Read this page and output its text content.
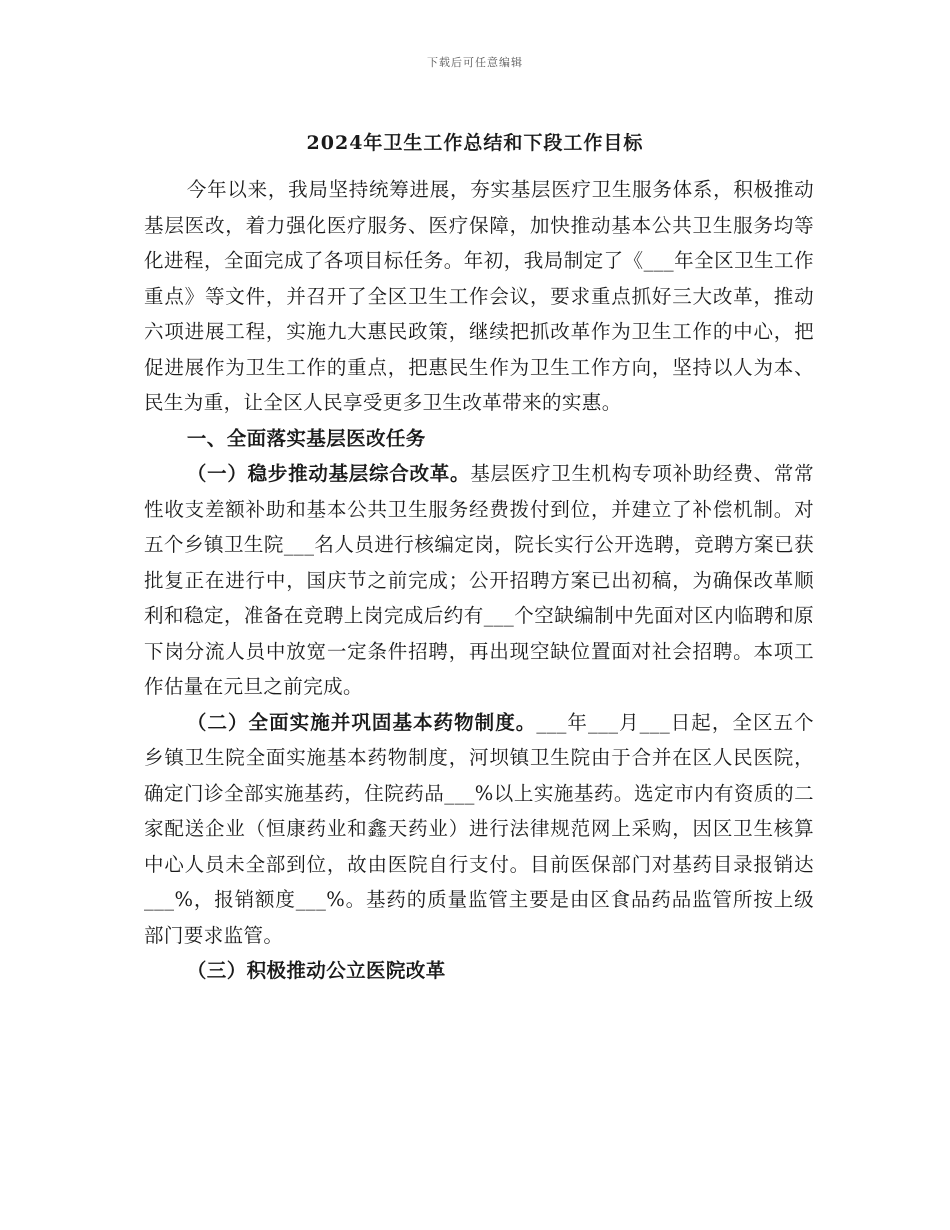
下载后可任意编辑
2024年卫生工作总结和下段工作目标

今年以来，我局坚持统筹进展，夯实基层医疗卫生服务体系，积极推动基层医改，着力强化医疗服务、医疗保障，加快推动基本公共卫生服务均等化进程，全面完成了各项目标任务。年初，我局制定了《___年全区卫生工作重点》等文件，并召开了全区卫生工作会议，要求重点抓好三大改革，推动六项进展工程，实施九大惠民政策，继续把抓改革作为卫生工作的中心，把促进展作为卫生工作的重点，把惠民生作为卫生工作方向，坚持以人为本、民生为重，让全区人民享受更多卫生改革带来的实惠。

一、全面落实基层医改任务

（一）稳步推动基层综合改革。基层医疗卫生机构专项补助经费、常常性收支差额补助和基本公共卫生服务经费拨付到位，并建立了补偿机制。对五个乡镇卫生院___名人员进行核编定岗，院长实行公开选聘，竞聘方案已获批复正在进行中，国庆节之前完成；公开招聘方案已出初稿，为确保改革顺利和稳定，准备在竞聘上岗完成后约有___个空缺编制中先面对区内临聘和原下岗分流人员中放宽一定条件招聘，再出现空缺位置面对社会招聘。本项工作估量在元旦之前完成。

（二）全面实施并巩固基本药物制度。___年___月___日起，全区五个乡镇卫生院全面实施基本药物制度，河坝镇卫生院由于合并在区人民医院，确定门诊全部实施基药，住院药品___%以上实施基药。选定市内有资质的二家配送企业（恒康药业和鑫天药业）进行法律规范网上采购，因区卫生核算中心人员未全部到位，故由医院自行支付。目前医保部门对基药目录报销达___%，报销额度___%。基药的质量监管主要是由区食品药品监管所按上级部门要求监管。

（三）积极推动公立医院改革
